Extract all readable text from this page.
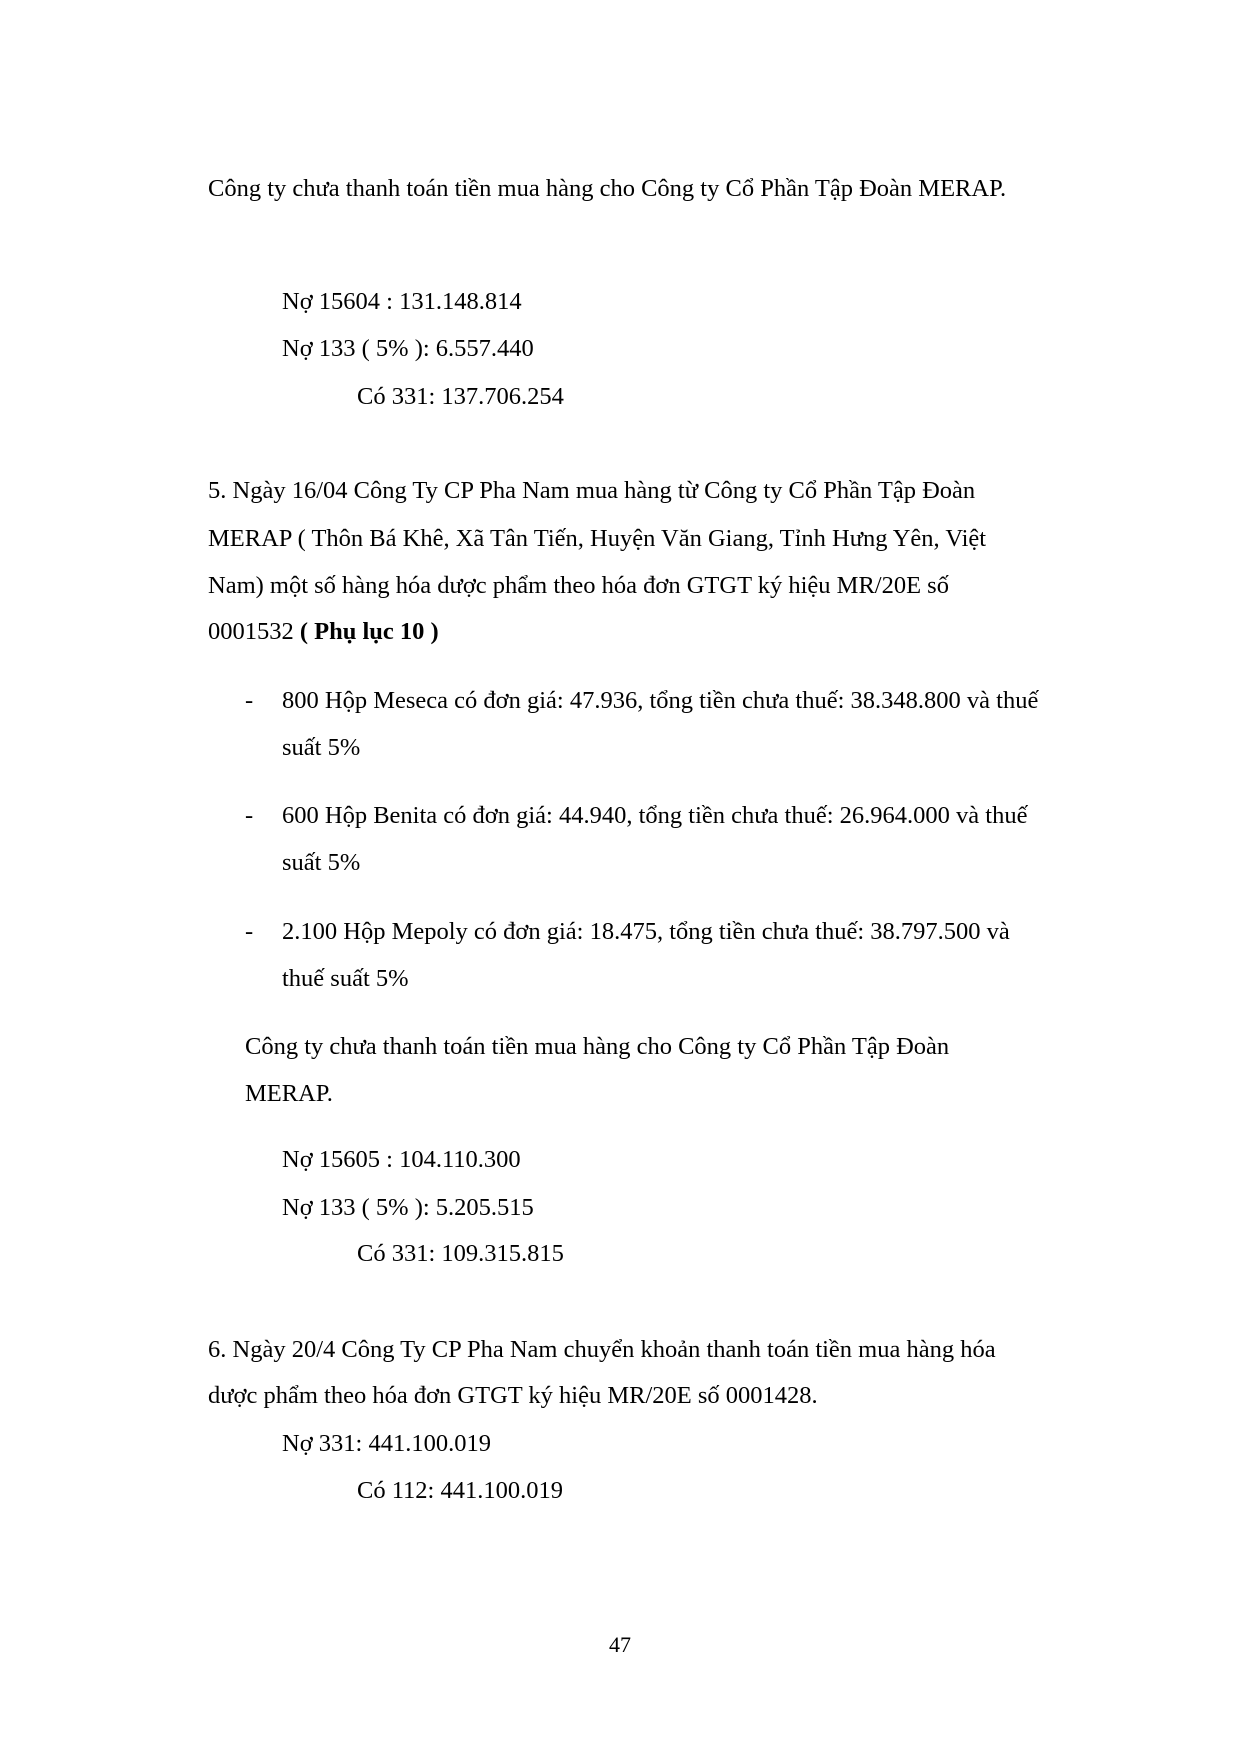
Công ty chưa thanh toán tiền mua hàng cho Công ty Cổ Phần Tập Đoàn MERAP.
Nợ 15604 : 131.148.814
Nợ 133 ( 5% ): 6.557.440
Có 331: 137.706.254
5. Ngày 16/04 Công Ty CP Pha Nam mua hàng từ Công ty Cổ Phần Tập Đoàn
MERAP ( Thôn Bá Khê, Xã Tân Tiến, Huyện Văn Giang, Tỉnh Hưng Yên, Việt
Nam) một số hàng hóa dược phẩm theo hóa đơn GTGT ký hiệu MR/20E số
0001532 ( Phụ lục 10 )
- 800 Hộp Meseca có đơn giá: 47.936, tổng tiền chưa thuế: 38.348.800 và thuế
suất 5%
- 600 Hộp Benita có đơn giá: 44.940, tổng tiền chưa thuế: 26.964.000 và thuế
suất 5%
- 2.100 Hộp Mepoly có đơn giá: 18.475, tổng tiền chưa thuế: 38.797.500 và
thuế suất 5%
Công ty chưa thanh toán tiền mua hàng cho Công ty Cổ Phần Tập Đoàn
MERAP.
Nợ 15605 : 104.110.300
Nợ 133 ( 5% ): 5.205.515
Có 331: 109.315.815
6. Ngày 20/4 Công Ty CP Pha Nam chuyển khoản thanh toán tiền mua hàng hóa
dược phẩm theo hóa đơn GTGT ký hiệu MR/20E số 0001428.
Nợ 331: 441.100.019
Có 112: 441.100.019
47
